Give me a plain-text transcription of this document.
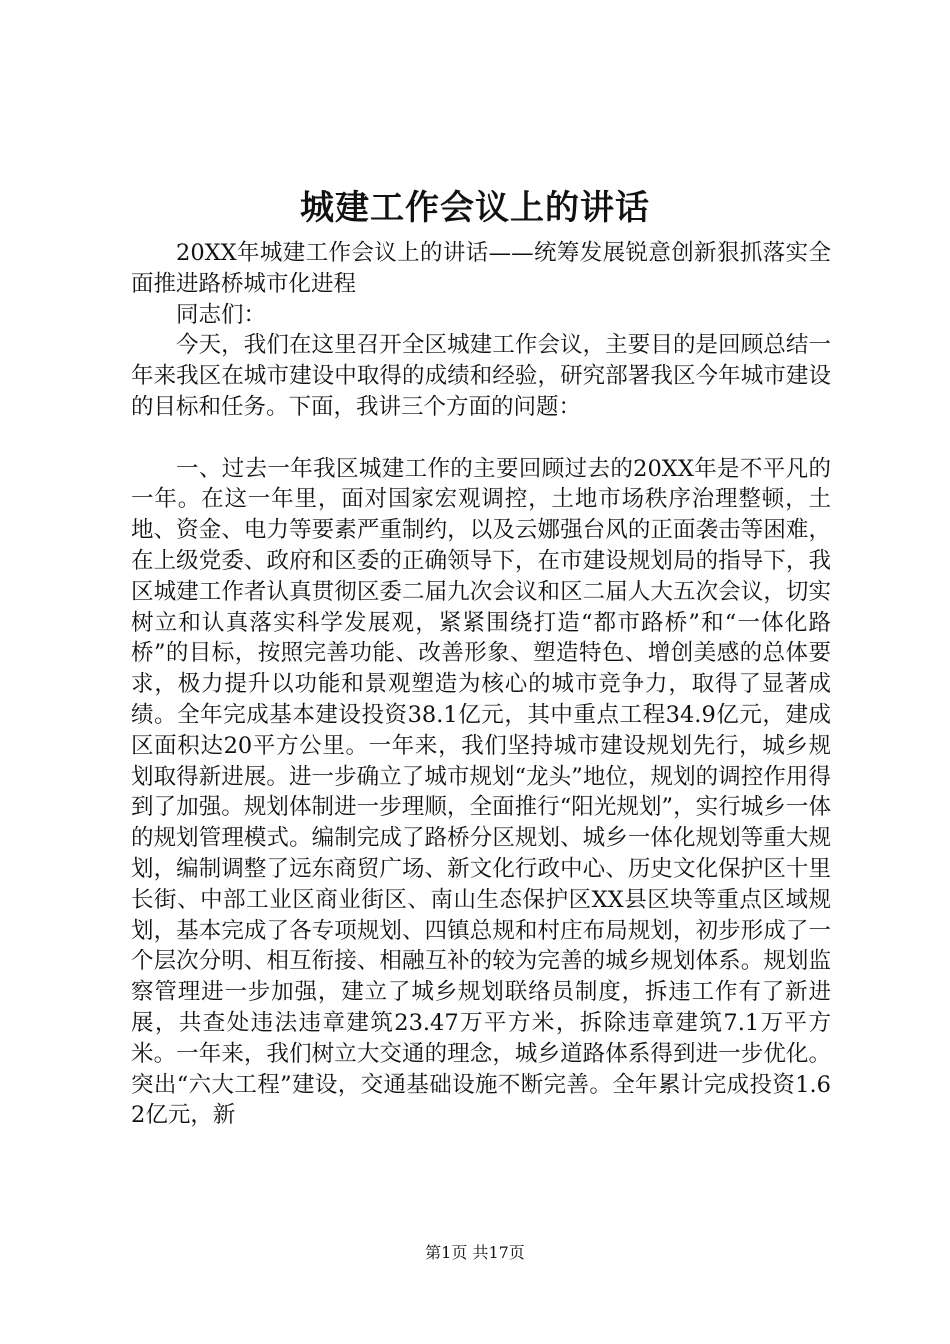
城建工作会议上的讲话

20XX年城建工作会议上的讲话——统筹发展锐意创新狠抓落实全面推进路桥城市化进程

同志们：

今天，我们在这里召开全区城建工作会议，主要目的是回顾总结一年来我区在城市建设中取得的成绩和经验，研究部署我区今年城市建设的目标和任务。下面，我讲三个方面的问题：

一、过去一年我区城建工作的主要回顾过去的20XX年是不平凡的一年。在这一年里，面对国家宏观调控，土地市场秩序治理整顿，土地、资金、电力等要素严重制约，以及云娜强台风的正面袭击等困难，在上级党委、政府和区委的正确领导下，在市建设规划局的指导下，我区城建工作者认真贯彻区委二届九次会议和区二届人大五次会议，切实树立和认真落实科学发展观，紧紧围绕打造“都市路桥”和“一体化路桥”的目标，按照完善功能、改善形象、塑造特色、增创美感的总体要求，极力提升以功能和景观塑造为核心的城市竞争力，取得了显著成绩。全年完成基本建设投资38.1亿元，其中重点工程34.9亿元，建成区面积达20平方公里。一年来，我们坚持城市建设规划先行，城乡规划取得新进展。进一步确立了城市规划“龙头”地位，规划的调控作用得到了加强。规划体制进一步理顺，全面推行“阳光规划”，实行城乡一体的规划管理模式。编制完成了路桥分区规划、城乡一体化规划等重大规划，编制调整了远东商贸广场、新文化行政中心、历史文化保护区十里长街、中部工业区商业街区、南山生态保护区XX县区块等重点区域规划，基本完成了各专项规划、四镇总规和村庄布局规划，初步形成了一个层次分明、相互衔接、相融互补的较为完善的城乡规划体系。规划监察管理进一步加强，建立了城乡规划联络员制度，拆违工作有了新进展，共查处违法违章建筑23.47万平方米，拆除违章建筑7.1万平方米。一年来，我们树立大交通的理念，城乡道路体系得到进一步优化。突出“六大工程”建设，交通基础设施不断完善。全年累计完成投资1.62亿元，新

第1页 共17页
